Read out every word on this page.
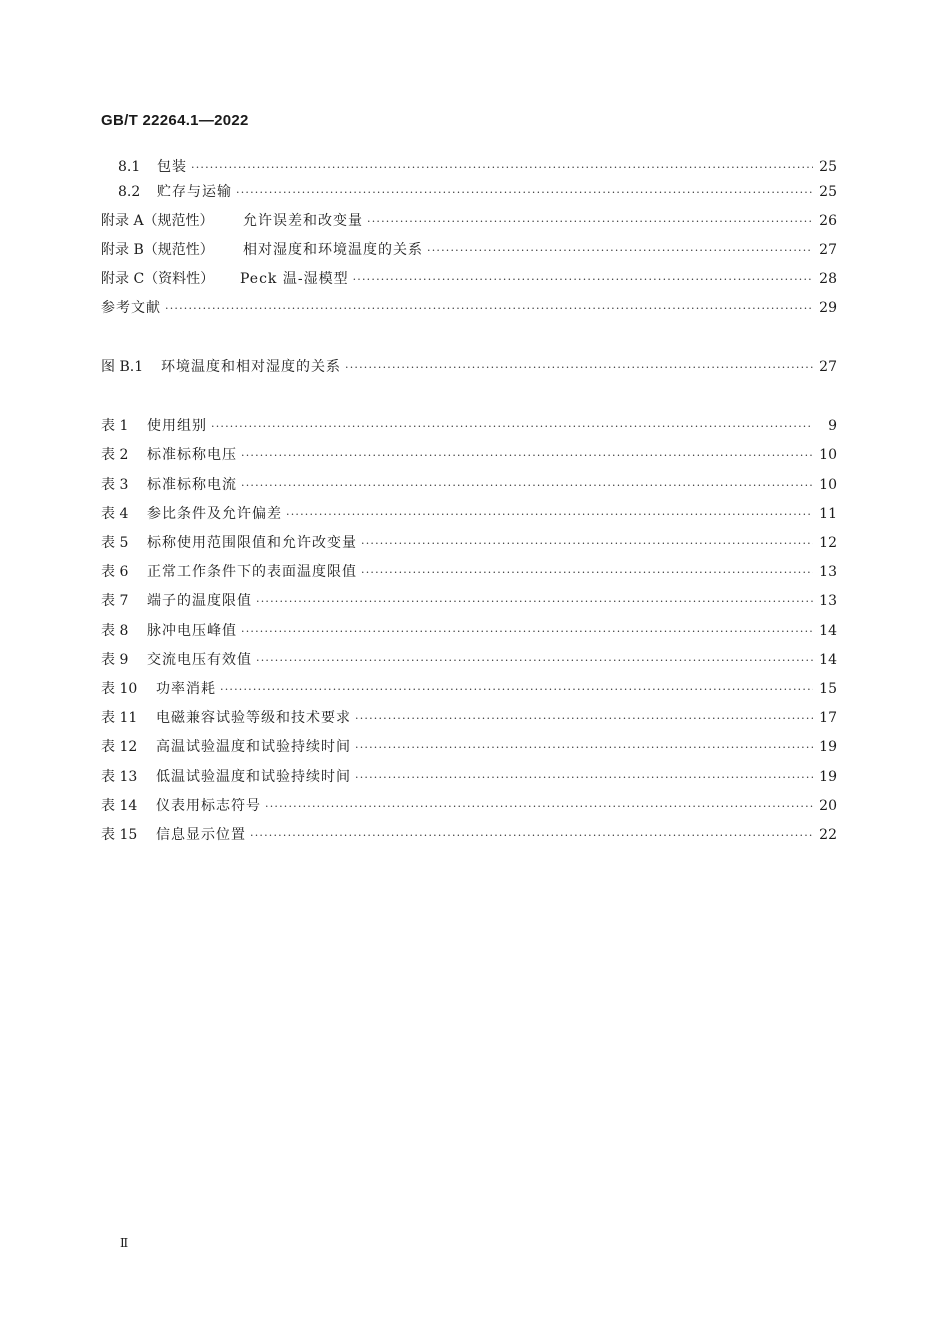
GB/T 22264.1—2022
8.1	包装 ·····	25
8.2	贮存与运输 ·····	25
附录 A（规范性）	允许误差和改变量 ·····	26
附录 B（规范性）	相对湿度和环境温度的关系 ·····	27
附录 C（资料性）	Peck 温-湿模型 ·····	28
参考文献 ·····	29
图 B.1	环境温度和相对湿度的关系 ·····	27
表 1	使用组别 ·····	9
表 2	标准标称电压 ·····	10
表 3	标准标称电流 ·····	10
表 4	参比条件及允许偏差 ·····	11
表 5	标称使用范围限值和允许改变量 ·····	12
表 6	正常工作条件下的表面温度限值 ·····	13
表 7	端子的温度限值 ·····	13
表 8	脉冲电压峰值 ·····	14
表 9	交流电压有效值 ·····	14
表 10	功率消耗 ·····	15
表 11	电磁兼容试验等级和技术要求 ·····	17
表 12	高温试验温度和试验持续时间 ·····	19
表 13	低温试验温度和试验持续时间 ·····	19
表 14	仪表用标志符号 ·····	20
表 15	信息显示位置 ·····	22
Ⅱ
